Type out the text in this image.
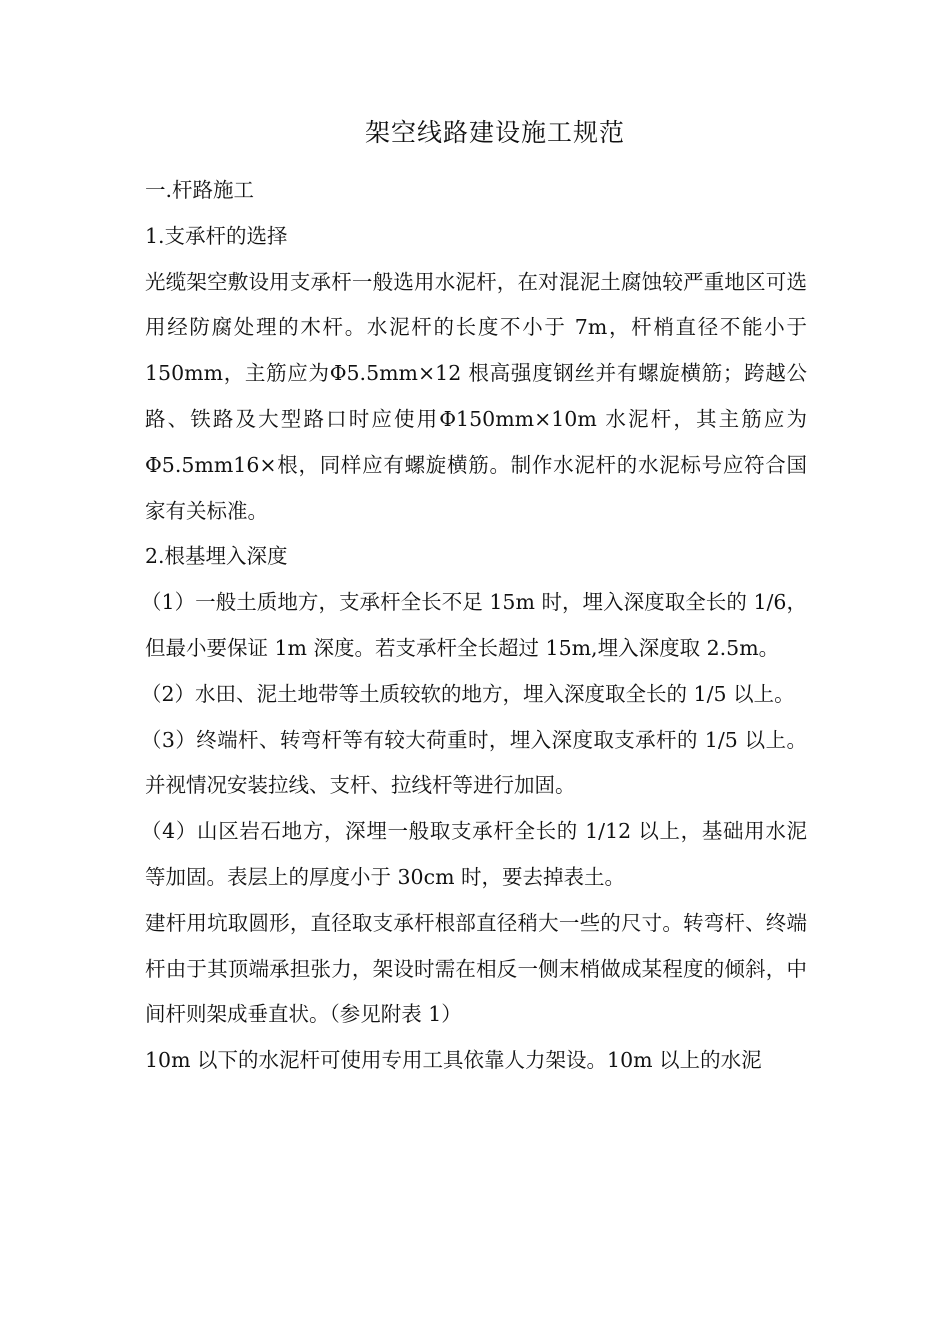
架空线路建设施工规范

一.杆路施工

1.支承杆的选择

光缆架空敷设用支承杆一般选用水泥杆，在对混泥土腐蚀较严重地区可选用经防腐处理的木杆。水泥杆的长度不小于 7m，杆梢直径不能小于 150mm，主筋应为Φ5.5mm×12 根高强度钢丝并有螺旋横筋；跨越公路、铁路及大型路口时应使用Φ150mm×10m 水泥杆，其主筋应为Φ5.5mm16×根，同样应有螺旋横筋。制作水泥杆的水泥标号应符合国家有关标准。

2.根基埋入深度

（1）一般土质地方，支承杆全长不足 15m 时，埋入深度取全长的 1/6，但最小要保证 1m 深度。若支承杆全长超过 15m,埋入深度取 2.5m。

（2）水田、泥土地带等土质较软的地方，埋入深度取全长的 1/5 以上。

（3）终端杆、转弯杆等有较大荷重时，埋入深度取支承杆的 1/5 以上。并视情况安装拉线、支杆、拉线杆等进行加固。

（4）山区岩石地方，深埋一般取支承杆全长的 1/12 以上，基础用水泥等加固。表层上的厚度小于 30cm 时，要去掉表土。

建杆用坑取圆形，直径取支承杆根部直径稍大一些的尺寸。转弯杆、终端杆由于其顶端承担张力，架设时需在相反一侧末梢做成某程度的倾斜，中间杆则架成垂直状。（参见附表 1）

10m 以下的水泥杆可使用专用工具依靠人力架设。10m 以上的水泥
